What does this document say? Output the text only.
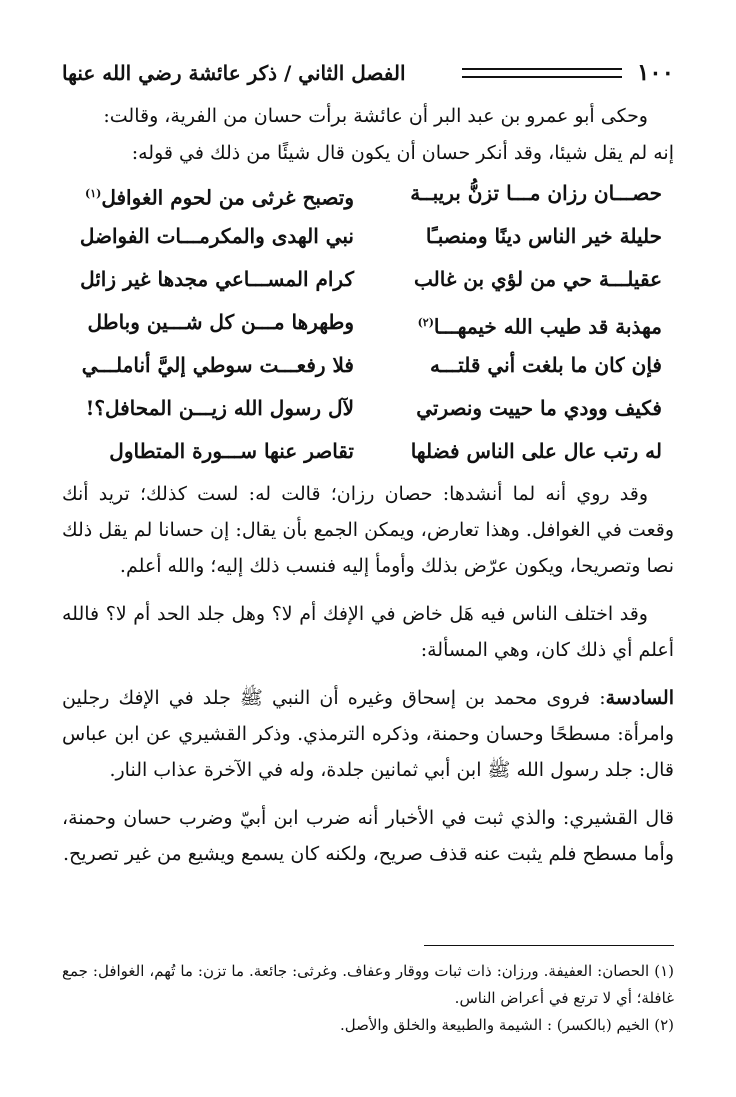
١٠٠
الفصل الثاني / ذكر عائشة رضي الله عنها

وحكى أبو عمرو بن عبد البر أن عائشة برأت حسان من الفرية، وقالت:

إنه لم يقل شيئا، وقد أنكر حسان أن يكون قال شيئًا من ذلك في قوله:

حصـــان رزان مـــا تزنُّ بريبــة
وتصبح غرثى من لحوم الغوافل$^{(١)}$
حليلة خير الناس دينًا ومنصبـًا
نبي الهدى والمكرمـــات الفواضل
عقيلـــة حي من لؤي بن غالب
كرام المســـاعي مجدها غير زائل
مهذبة قد طيب الله خيمهـــا$^{(٢)}$
وطهرها مـــن كل شـــين وباطل
فإن كان ما بلغت أني قلتـــه
فلا رفعـــت سوطي إليَّ أناملـــي
فكيف وودي ما حييت ونصرتي
لآل رسول الله زيـــن المحافل؟!
له رتب عال على الناس فضلها
تقاصر عنها ســـورة المتطاول

وقد روي أنه لما أنشدها: حصان رزان؛ قالت له: لست كذلك؛ تريد أنك وقعت في الغوافل. وهذا تعارض، ويمكن الجمع بأن يقال: إن حسانا لم يقل ذلك نصا وتصريحا، ويكون عرّض بذلك وأومأ إليه فنسب ذلك إليه؛ والله أعلم.

وقد اختلف الناس فيه هَل خاض في الإفك أم لا؟ وهل جلد الحد أم لا؟ فالله أعلم أي ذلك كان، وهي المسألة:

السادسة: فروى محمد بن إسحاق وغيره أن النبي ﷺ جلد في الإفك رجلين وامرأة: مسطحًا وحسان وحمنة، وذكره الترمذي. وذكر القشيري عن ابن عباس قال: جلد رسول الله ﷺ ابن أبي ثمانين جلدة، وله في الآخرة عذاب النار.

قال القشيري: والذي ثبت في الأخبار أنه ضرب ابن أبيّ وضرب حسان وحمنة، وأما مسطح فلم يثبت عنه قذف صريح، ولكنه كان يسمع ويشيع من غير تصريح.

(١) الحصان: العفيفة. ورزان: ذات ثبات ووقار وعفاف. وغرثى: جائعة. ما تزن: ما تُهم، الغوافل: جمع غافلة؛ أي لا ترتع في أعراض الناس.

(٢) الخيم (بالكسر) : الشيمة والطبيعة والخلق والأصل.
